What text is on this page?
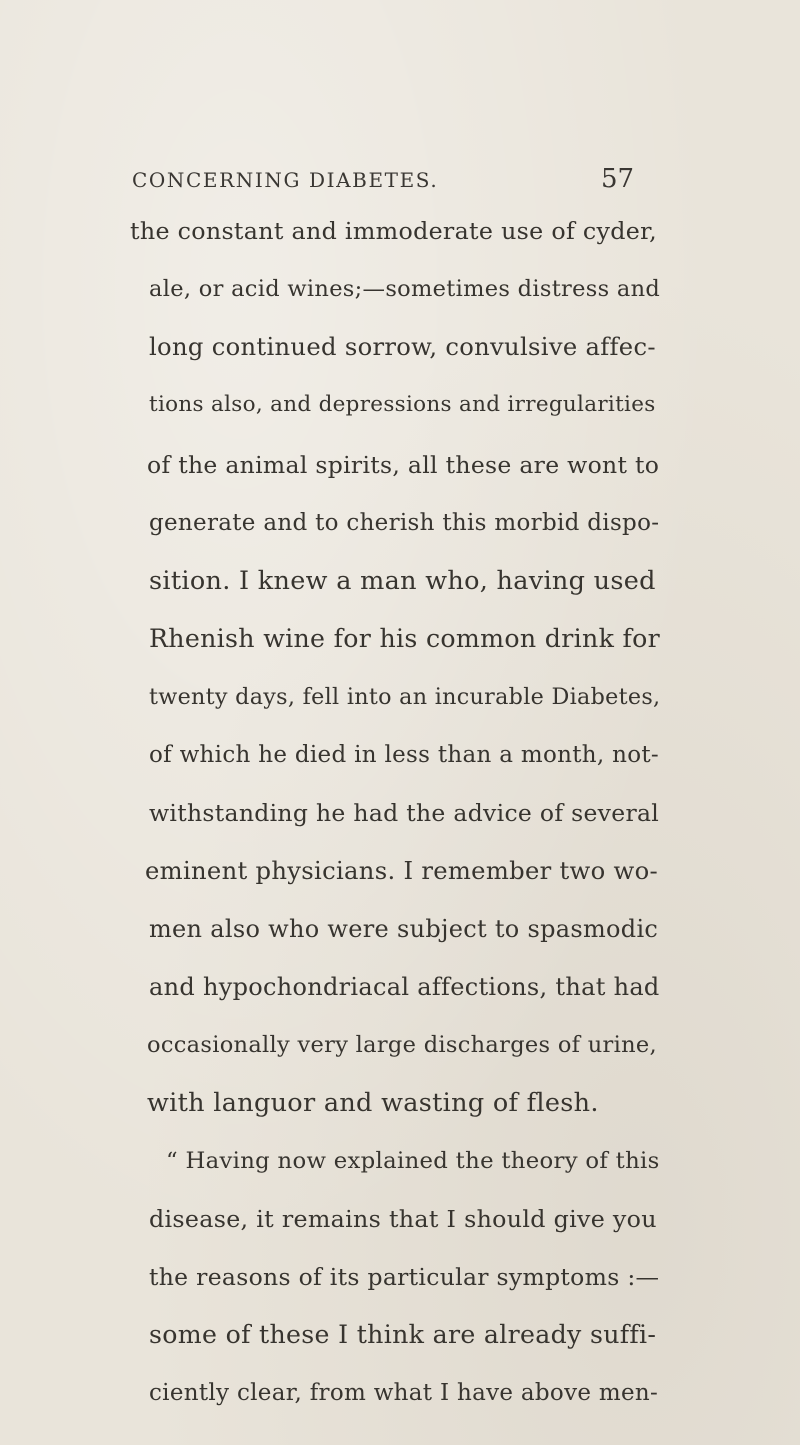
CONCERNING DIABETES.	57
the constant and immoderate use of cyder,
ale, or acid wines;—sometimes distress and
long continued sorrow, convulsive affec-
tions also, and depressions and irregularities
of the animal spirits, all these are wont to
generate and to cherish this morbid dispo-
sition. I knew a man who, having used
Rhenish wine for his common drink for
twenty days, fell into an incurable Diabetes,
of which he died in less than a month, not-
withstanding he had the advice of several
eminent physicians. I remember two wo-
men also who were subject to spasmodic
and hypochondriacal affections, that had
occasionally very large discharges of urine,
with languor and wasting of flesh.
“ Having now explained the theory of this
disease, it remains that I should give you
the reasons of its particular symptoms :—
some of these I think are already suffi-
ciently clear, from what I have above men-
